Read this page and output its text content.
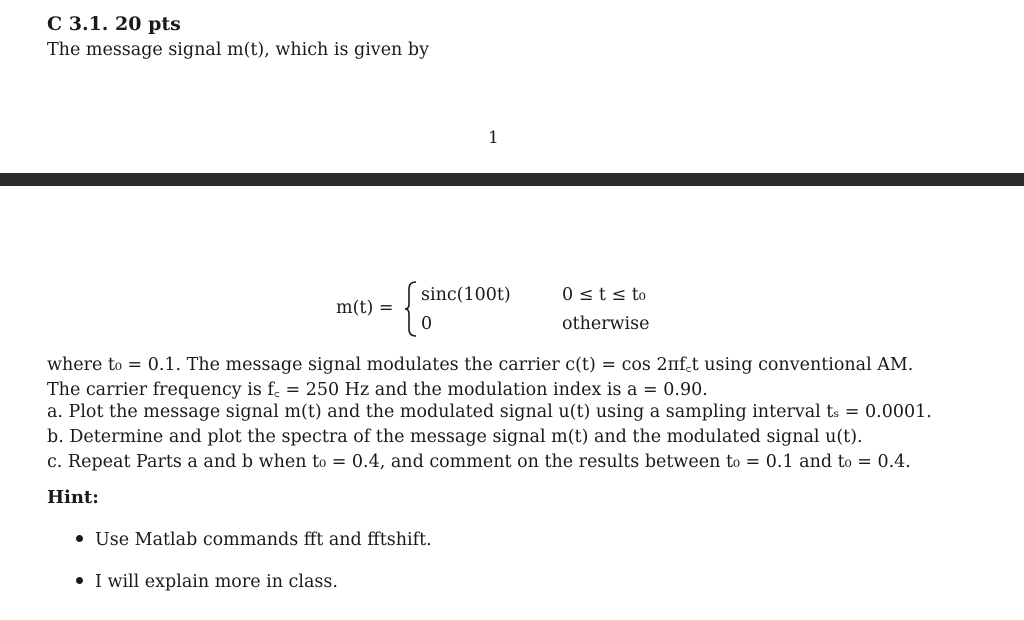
C 3.1. 20 pts
The message signal m(t), which is given by
1
m(t) =
sinc(100t)	0 ≤ t ≤ t₀
0	otherwise
where t₀ = 0.1. The message signal modulates the carrier c(t) = cos 2πf꜀t using conventional AM.
The carrier frequency is f꜀ = 250 Hz and the modulation index is a = 0.90.
a. Plot the message signal m(t) and the modulated signal u(t) using a sampling interval tₛ = 0.0001.
b. Determine and plot the spectra of the message signal m(t) and the modulated signal u(t).
c. Repeat Parts a and b when t₀ = 0.4, and comment on the results between t₀ = 0.1 and t₀ = 0.4.
Hint:
Use Matlab commands fft and fftshift.
I will explain more in class.
